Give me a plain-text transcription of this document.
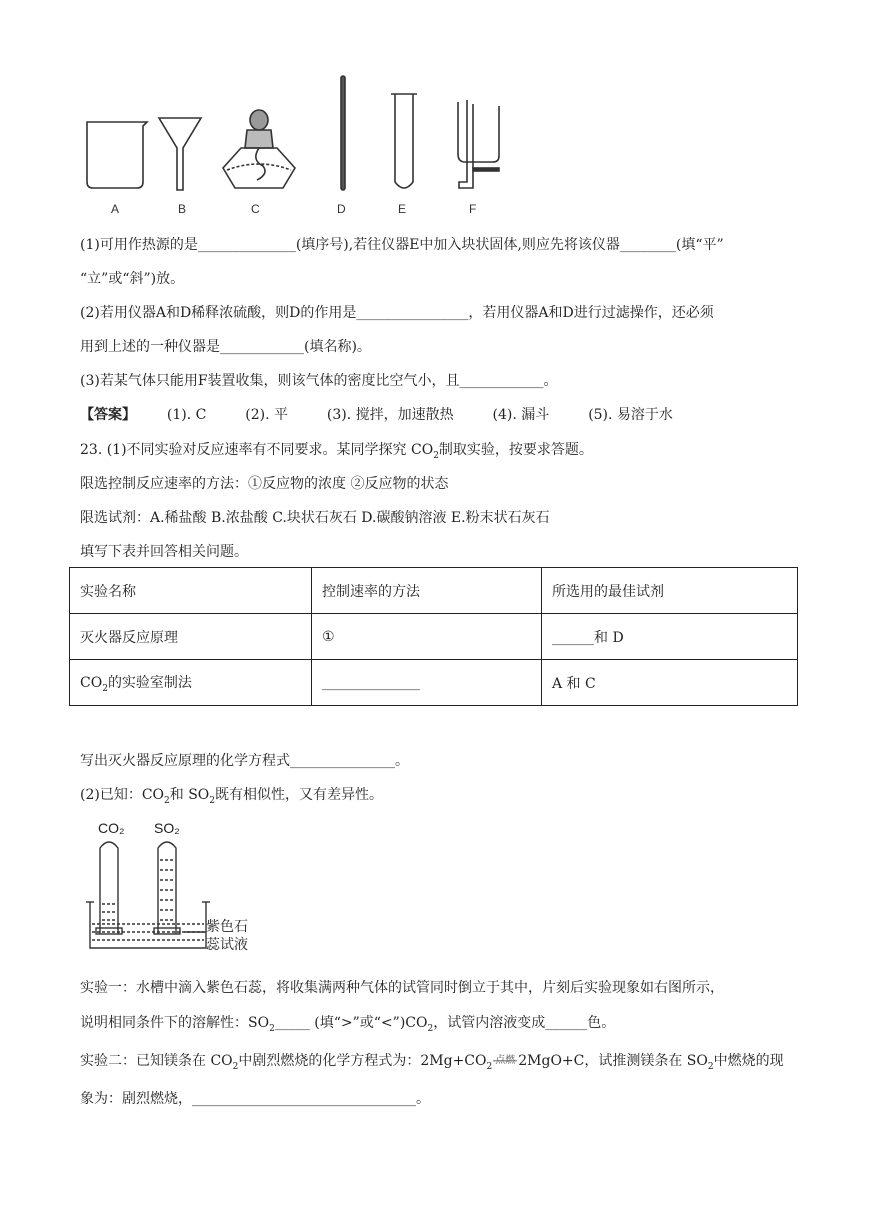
A	B	C	D	E	F
(1)可用作热源的是______________(填序号),若往仪器E中加入块状固体,则应先将该仪器________(填“平”
“立”或“斜”)放。
(2)若用仪器A和D稀释浓硫酸，则D的作用是________________，若用仪器A和D进行过滤操作，还必须
用到上述的一种仪器是____________(填名称)。
(3)若某气体只能用F装置收集，则该气体的密度比空气小，且____________。
【答案】 (1). C	(2). 平	(3). 搅拌，加速散热	(4). 漏斗	(5). 易溶于水
23. (1)不同实验对反应速率有不同要求。某同学探究 $CO_2$制取实验，按要求答题。
限选控制反应速率的方法：①反应物的浓度 ②反应物的状态
限选试剂：A.稀盐酸 B.浓盐酸 C.块状石灰石 D.碳酸钠溶液 E.粉末状石灰石
填写下表并回答相关问题。
实验名称	控制速率的方法	所选用的最佳试剂
灭火器反应原理	①	______和 D
$CO_2$的实验室制法	______________	A 和 C
写出灭火器反应原理的化学方程式_______________。
(2)已知：$CO_2$和 $SO_2$既有相似性，又有差异性。
CO₂ SO₂
紫色石
蕊试液
实验一：水槽中滴入紫色石蕊，将收集满两种气体的试管同时倒立于其中，片刻后实验现象如右图所示，
说明相同条件下的溶解性：$SO_2\_\_\_\_\_$ (填“>”或“$<”)CO_2$，试管内溶液变成______色。
实验二：已知镁条在 $CO_2$中剧烈燃烧的化学方程式为：$2Mg+CO_2$点燃 2MgO+C，试推测镁条在 $SO_2$中燃烧的现
象为：剧烈燃烧，________________________________。
